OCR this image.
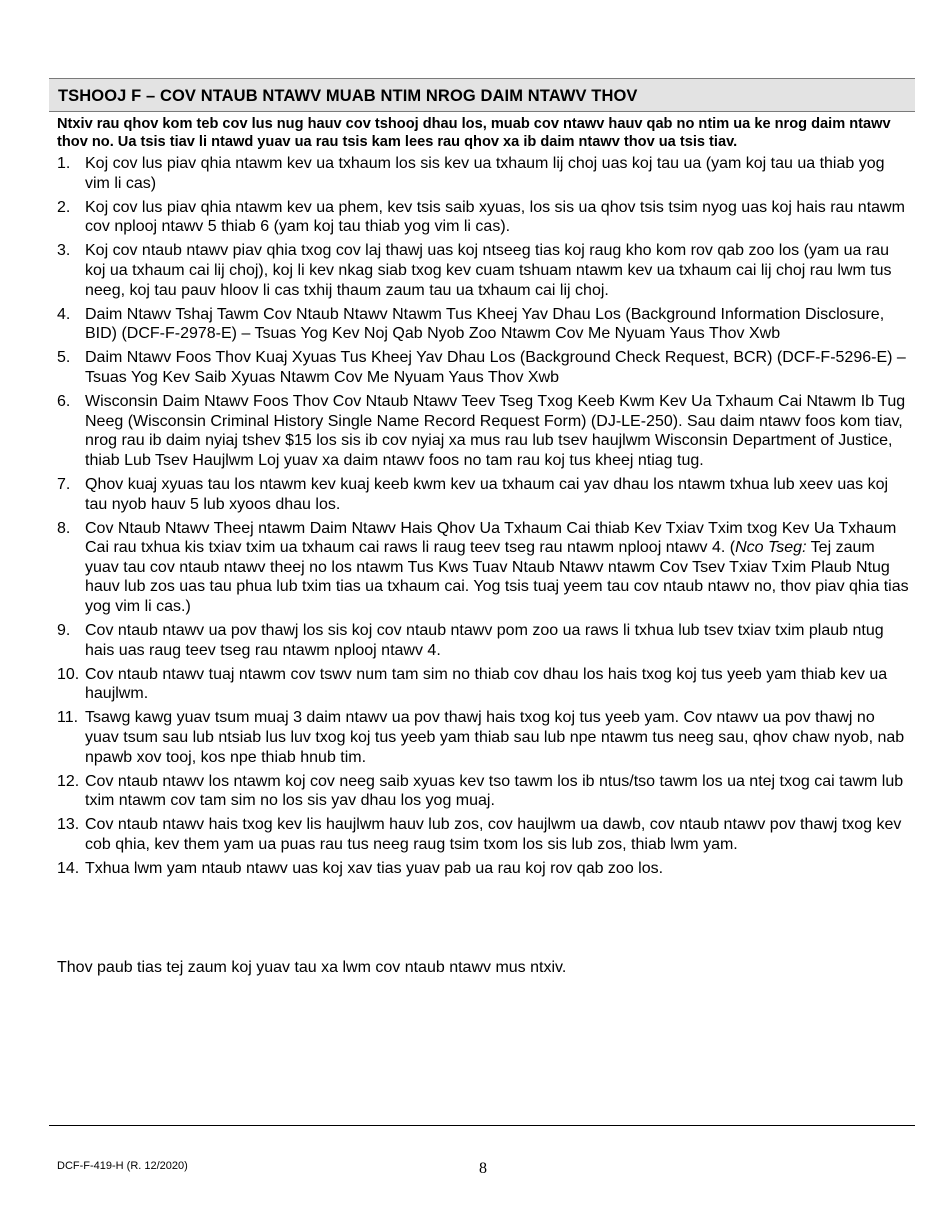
TSHOOJ F – COV NTAUB NTAWV MUAB NTIM NROG DAIM NTAWV THOV
Ntxiv rau qhov kom teb cov lus nug hauv cov tshooj dhau los, muab cov ntawv hauv qab no ntim ua ke nrog daim ntawv thov no. Ua tsis tiav li ntawd yuav ua rau tsis kam lees rau qhov xa ib daim ntawv thov ua tsis tiav.
1. Koj cov lus piav qhia ntawm kev ua txhaum los sis kev ua txhaum lij choj uas koj tau ua (yam koj tau ua thiab yog vim li cas)
2. Koj cov lus piav qhia ntawm kev ua phem, kev tsis saib xyuas, los sis ua qhov tsis tsim nyog uas koj hais rau ntawm cov nplooj ntawv 5 thiab 6 (yam koj tau thiab yog vim li cas).
3. Koj cov ntaub ntawv piav qhia txog cov laj thawj uas koj ntseeg tias koj raug kho kom rov qab zoo los (yam ua rau koj ua txhaum cai lij choj), koj li kev nkag siab txog kev cuam tshuam ntawm kev ua txhaum cai lij choj rau lwm tus neeg, koj tau pauv hloov li cas txhij thaum zaum tau ua txhaum cai lij choj.
4. Daim Ntawv Tshaj Tawm Cov Ntaub Ntawv Ntawm Tus Kheej Yav Dhau Los (Background Information Disclosure, BID) (DCF-F-2978-E) – Tsuas Yog Kev Noj Qab Nyob Zoo Ntawm Cov Me Nyuam Yaus Thov Xwb
5. Daim Ntawv Foos Thov Kuaj Xyuas Tus Kheej Yav Dhau Los (Background Check Request, BCR) (DCF-F-5296-E) – Tsuas Yog Kev Saib Xyuas Ntawm Cov Me Nyuam Yaus Thov Xwb
6. Wisconsin Daim Ntawv Foos Thov Cov Ntaub Ntawv Teev Tseg Txog Keeb Kwm Kev Ua Txhaum Cai Ntawm Ib Tug Neeg (Wisconsin Criminal History Single Name Record Request Form) (DJ-LE-250). Sau daim ntawv foos kom tiav, nrog rau ib daim nyiaj tshev $15 los sis ib cov nyiaj xa mus rau lub tsev haujlwm Wisconsin Department of Justice, thiab Lub Tsev Haujlwm Loj yuav xa daim ntawv foos no tam rau koj tus kheej ntiag tug.
7. Qhov kuaj xyuas tau los ntawm kev kuaj keeb kwm kev ua txhaum cai yav dhau los ntawm txhua lub xeev uas koj tau nyob hauv 5 lub xyoos dhau los.
8. Cov Ntaub Ntawv Theej ntawm Daim Ntawv Hais Qhov Ua Txhaum Cai thiab Kev Txiav Txim txog Kev Ua Txhaum Cai rau txhua kis txiav txim ua txhaum cai raws li raug teev tseg rau ntawm nplooj ntawv 4. (Nco Tseg: Tej zaum yuav tau cov ntaub ntawv theej no los ntawm Tus Kws Tuav Ntaub Ntawv ntawm Cov Tsev Txiav Txim Plaub Ntug hauv lub zos uas tau phua lub txim tias ua txhaum cai. Yog tsis tuaj yeem tau cov ntaub ntawv no, thov piav qhia tias yog vim li cas.)
9. Cov ntaub ntawv ua pov thawj los sis koj cov ntaub ntawv pom zoo ua raws li txhua lub tsev txiav txim plaub ntug hais uas raug teev tseg rau ntawm nplooj ntawv 4.
10. Cov ntaub ntawv tuaj ntawm cov tswv num tam sim no thiab cov dhau los hais txog koj tus yeeb yam thiab kev ua haujlwm.
11. Tsawg kawg yuav tsum muaj 3 daim ntawv ua pov thawj hais txog koj tus yeeb yam. Cov ntawv ua pov thawj no yuav tsum sau lub ntsiab lus luv txog koj tus yeeb yam thiab sau lub npe ntawm tus neeg sau, qhov chaw nyob, nab npawb xov tooj, kos npe thiab hnub tim.
12. Cov ntaub ntawv los ntawm koj cov neeg saib xyuas kev tso tawm los ib ntus/tso tawm los ua ntej txog cai tawm lub txim ntawm cov tam sim no los sis yav dhau los yog muaj.
13. Cov ntaub ntawv hais txog kev lis haujlwm hauv lub zos, cov haujlwm ua dawb, cov ntaub ntawv pov thawj txog kev cob qhia, kev them yam ua puas rau tus neeg raug tsim txom los sis lub zos, thiab lwm yam.
14. Txhua lwm yam ntaub ntawv uas koj xav tias yuav pab ua rau koj rov qab zoo los.
Thov paub tias tej zaum koj yuav tau xa lwm cov ntaub ntawv mus ntxiv.
DCF-F-419-H (R. 12/2020)	8
